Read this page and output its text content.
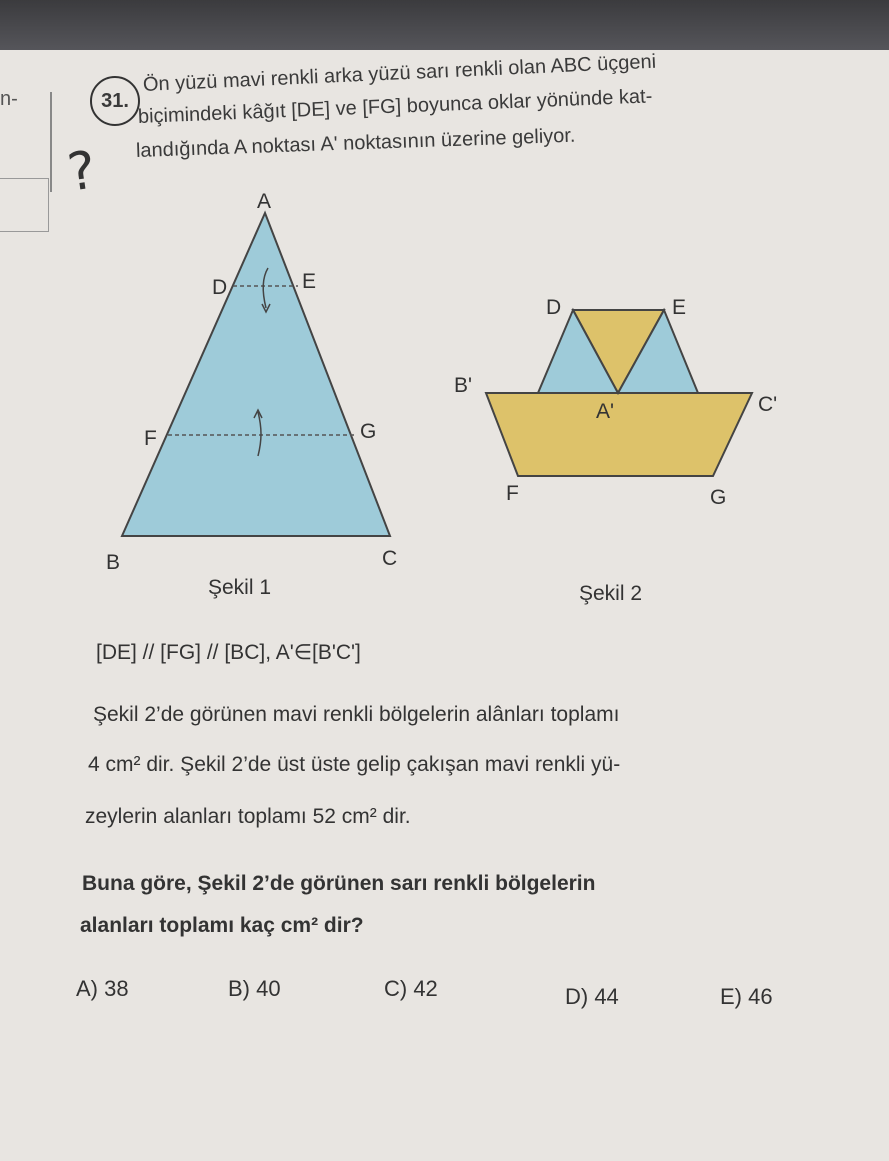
n-
?
31.
Ön yüzü mavi renkli arka yüzü sarı renkli olan ABC üçgeni
biçimindeki kâğıt [DE] ve [FG] boyunca oklar yönünde kat-
landığında A noktası A' noktasının üzerine geliyor.
A
D	E
F	G
B	C
Şekil 1
D	E
B'
C'
A'
F	G
Şekil 2
[DE] // [FG] // [BC], A'∈[B'C']
Şekil 2’de görünen mavi renkli bölgelerin alânları toplamı
4 cm² dir. Şekil 2’de üst üste gelip çakışan mavi renkli yü-
zeylerin alanları toplamı 52 cm² dir.
Buna göre, Şekil 2’de görünen sarı renkli bölgelerin
alanları toplamı kaç cm² dir?
A) 38	B) 40	C) 42	D) 44	E) 46
